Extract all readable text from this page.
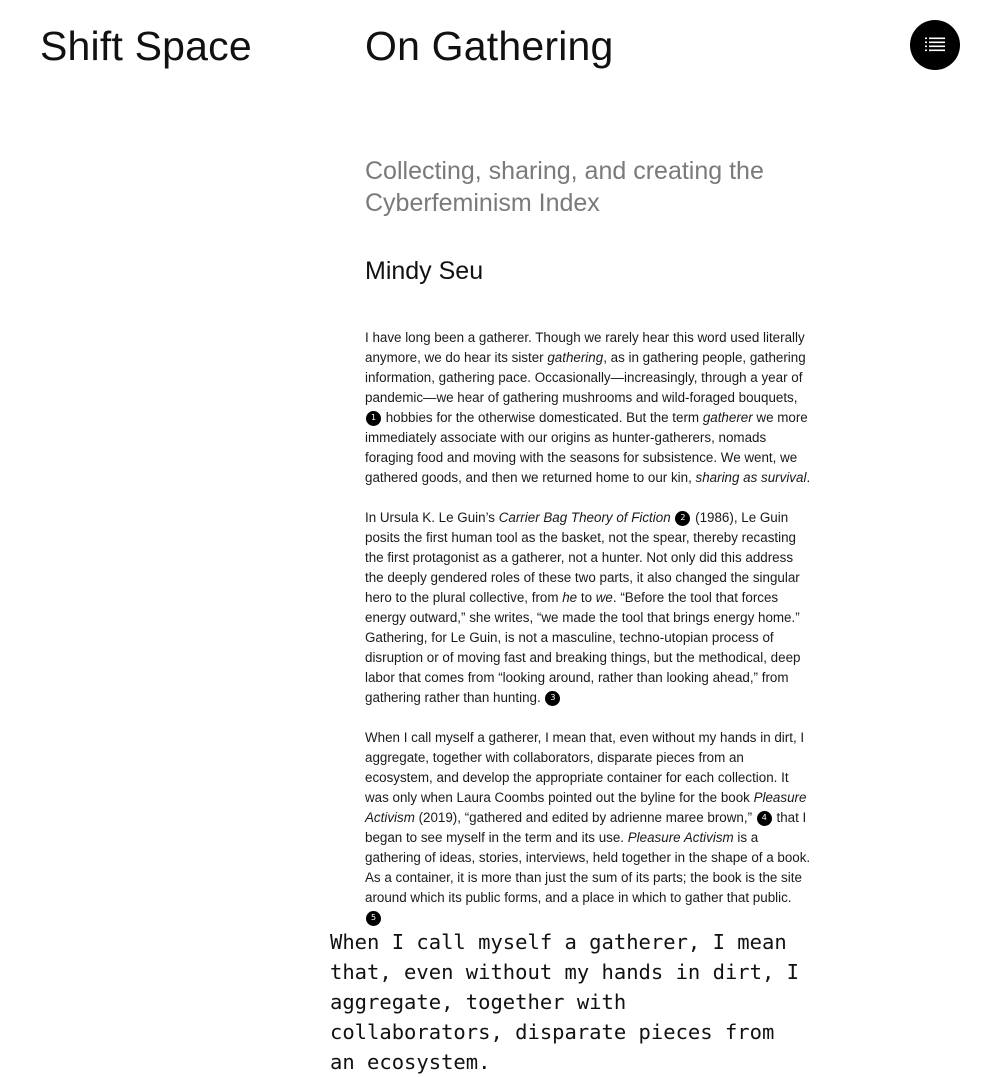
Shift Space	On Gathering
Collecting, sharing, and creating the Cyberfeminism Index
Mindy Seu

I have long been a gatherer. Though we rarely hear this word used literally anymore, we do hear its sister gathering, as in gathering people, gathering information, gathering pace. Occasionally—increasingly, through a year of pandemic—we hear of gathering mushrooms and wild-foraged bouquets,1 hobbies for the otherwise domesticated. But the term gatherer we more immediately associate with our origins as hunter-gatherers, nomads foraging food and moving with the seasons for subsistence. We went, we gathered goods, and then we returned home to our kin, sharing as survival.

In Ursula K. Le Guin’s Carrier Bag Theory of Fiction 2 (1986), Le Guin posits the first human tool as the basket, not the spear, thereby recasting the first protagonist as a gatherer, not a hunter. Not only did this address the deeply gendered roles of these two parts, it also changed the singular hero to the plural collective, from he to we. “Before the tool that forces energy outward,” she writes, “we made the tool that brings energy home.” Gathering, for Le Guin, is not a masculine, techno-utopian process of disruption or of moving fast and breaking things, but the methodical, deep labor that comes from “looking around, rather than looking ahead,” from gathering rather than hunting. 3

When I call myself a gatherer, I mean that, even without my hands in dirt, I aggregate, together with collaborators, disparate pieces from an ecosystem, and develop the appropriate container for each collection. It was only when Laura Coombs pointed out the byline for the book Pleasure Activism (2019), “gathered and edited by adrienne maree brown,” 4 that I began to see myself in the term and its use. Pleasure Activism is a gathering of ideas, stories, interviews, held together in the shape of a book. As a container, it is more than just the sum of its parts; the book is the site around which its public forms, and a place in which to gather that public. 5

When I call myself a gatherer, I mean that, even without my hands in dirt, I aggregate, together with collaborators, disparate pieces from an ecosystem.
